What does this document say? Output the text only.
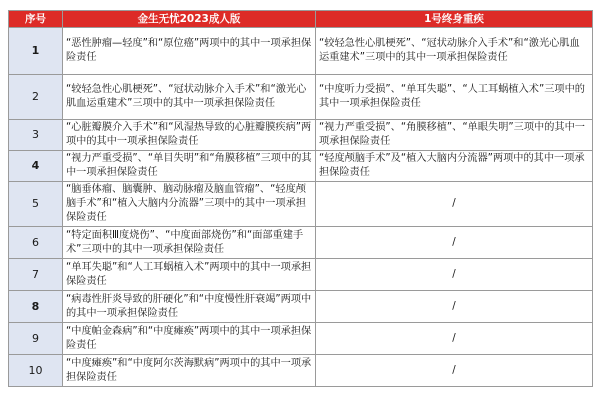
序号	金生无忧2023成人版	1号终身重疾
1	“恶性肿瘤—轻度”和“原位癌”两项中的其中一项承担保险责任	“较轻急性心肌梗死”、“冠状动脉介入手术”和“激光心肌血运重建术”三项中的其中一项承担保险责任
2	“较轻急性心肌梗死”、“冠状动脉介入手术”和“激光心肌血运重建术”三项中的其中一项承担保险责任	“中度听力受损”、“单耳失聪”、“人工耳蜗植入术”三项中的其中一项承担保险责任
3	“心脏瓣膜介入手术”和“风湿热导致的心脏瓣膜疾病”两项中的其中一项承担保险责任	“视力严重受损”、“角膜移植”、“单眼失明”三项中的其中一项承担保险责任
4	“视力严重受损”、“单目失明”和“角膜移植”三项中的其中一项承担保险责任	“轻度颅脑手术”及“植入大脑内分流器”两项中的其中一项承担保险责任
5	“脑垂体瘤、脑囊肿、脑动脉瘤及脑血管瘤”、“轻度颅脑手术”和“植入大脑内分流器”三项中的其中一项承担保险责任	/
6	“特定面积Ⅲ度烧伤”、“中度面部烧伤”和“面部重建手术”三项中的其中一项承担保险责任	/
7	“单耳失聪”和“人工耳蜗植入术”两项中的其中一项承担保险责任	/
8	“病毒性肝炎导致的肝硬化”和“中度慢性肝衰竭”两项中的其中一项承担保险责任	/
9	“中度帕金森病”和“中度瘫痪”两项中的其中一项承担保险责任	/
10	“中度瘫痪”和“中度阿尔茨海默病”两项中的其中一项承担保险责任	/
